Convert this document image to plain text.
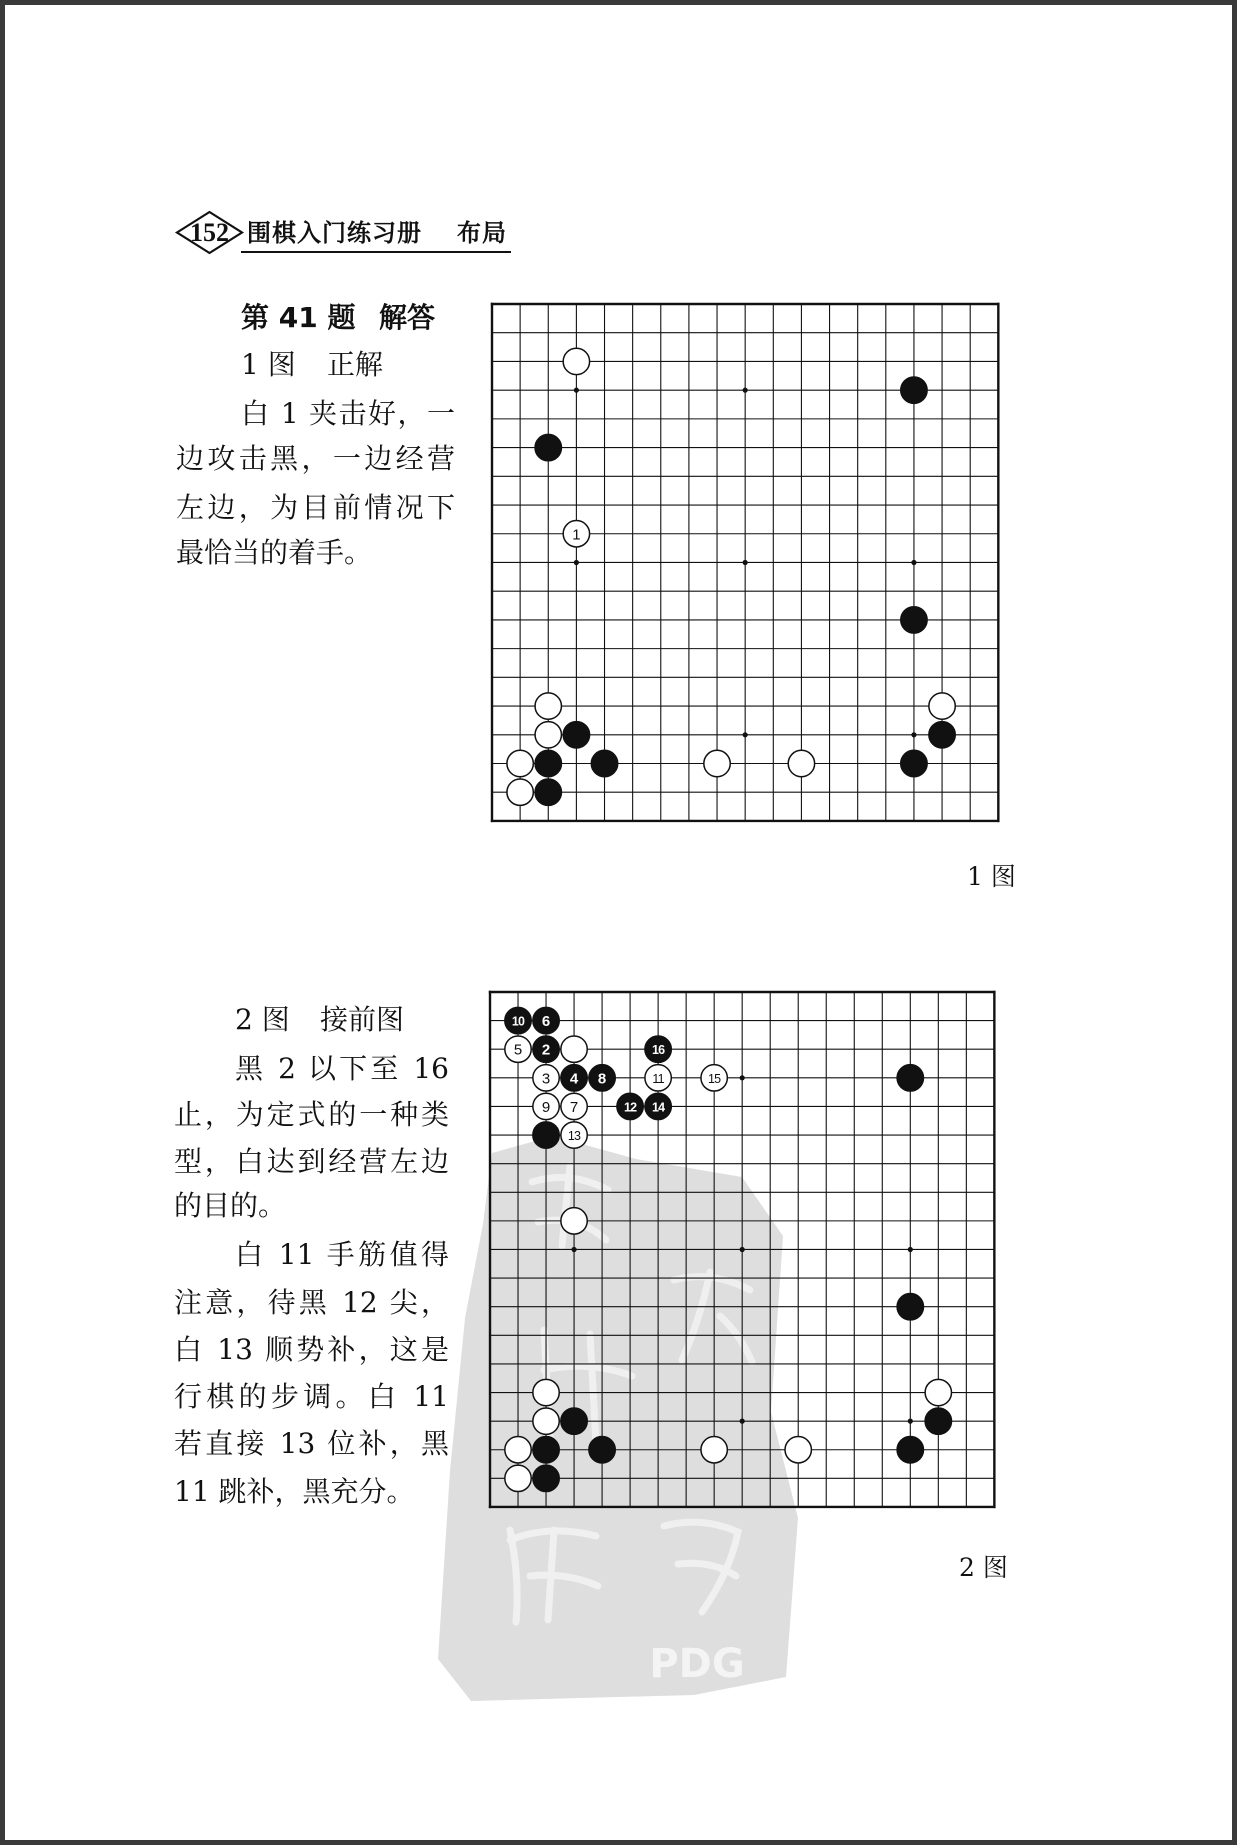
PDG
152 围棋入门练习册 布局
第 41 题 解答
1 图 正解
白 1 夹击好，一
边攻击黑，一边经营
左边，为目前情况下
最恰当的着手。
1
1 图
2 图 接前图
黑 2 以下至 16
止，为定式的一种类
型，白达到经营左边
的目的。
白 11 手筋值得
注意，待黑 12 尖，
白 13 顺势补，这是
行棋的步调。白 11
若直接 13 位补，黑
11 跳补，黑充分。
10 6
5 2	16
3 4 8	11	15
9 7	12 14
13
2 图
